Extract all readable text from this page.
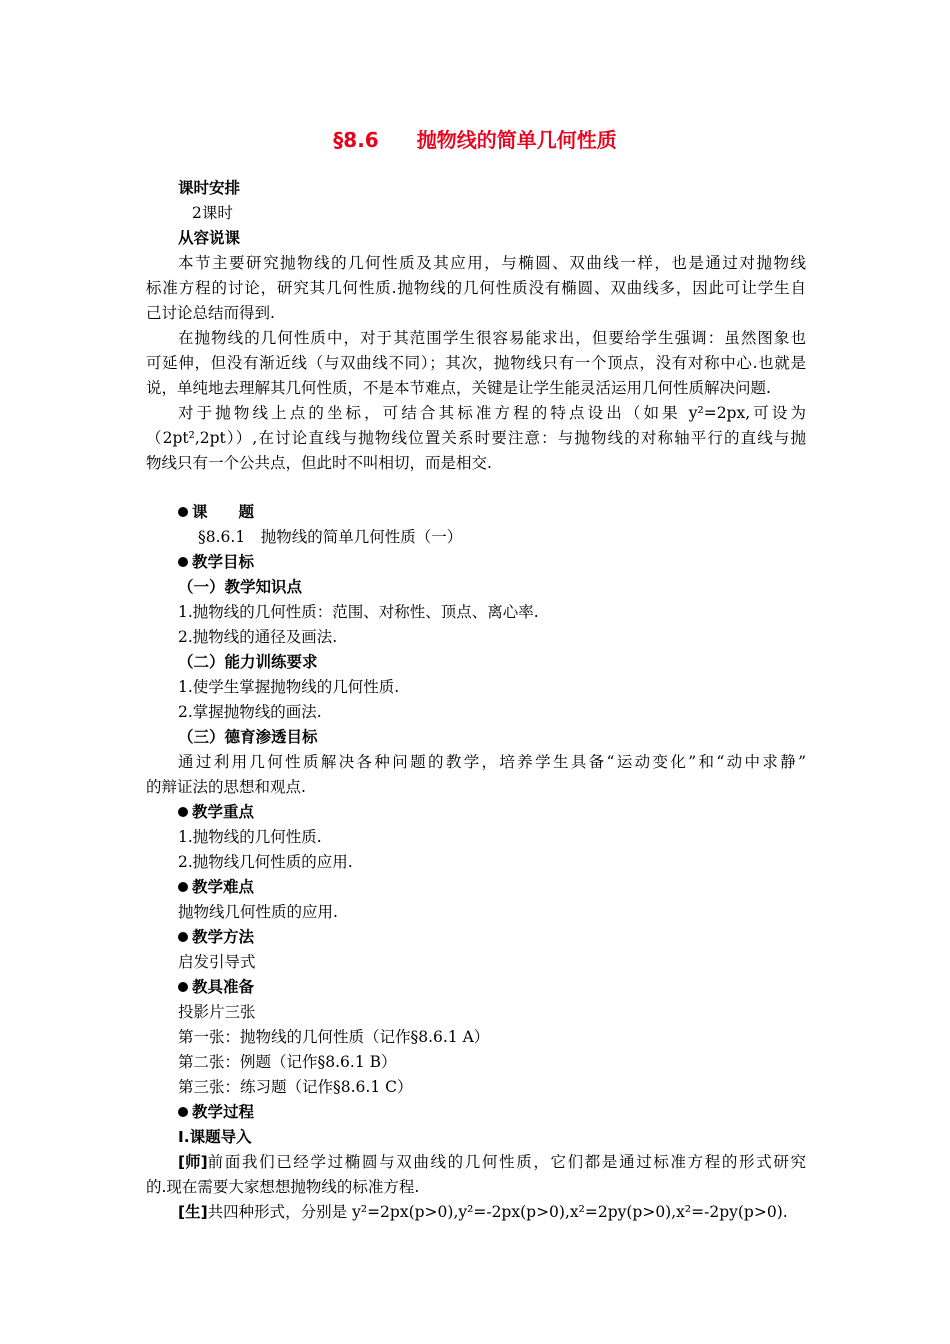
§8.6 抛物线的简单几何性质
课时安排
2课时
从容说课
本节主要研究抛物线的几何性质及其应用，与椭圆、双曲线一样，也是通过对抛物线
标准方程的讨论，研究其几何性质.抛物线的几何性质没有椭圆、双曲线多，因此可让学生自
己讨论总结而得到.
在抛物线的几何性质中，对于其范围学生很容易能求出，但要给学生强调：虽然图象也
可延伸，但没有渐近线（与双曲线不同）；其次，抛物线只有一个顶点，没有对称中心.也就是
说，单纯地去理解其几何性质，不是本节难点，关键是让学生能灵活运用几何性质解决问题.
对于抛物线上点的坐标，可结合其标准方程的特点设出（如果 y²=2px,可设为
（2pt²,2pt））,在讨论直线与抛物线位置关系时要注意：与抛物线的对称轴平行的直线与抛
物线只有一个公共点，但此时不叫相切，而是相交.
课　　题
§8.6.1　抛物线的简单几何性质（一）
教学目标
（一）教学知识点
1.抛物线的几何性质：范围、对称性、顶点、离心率.
2.抛物线的通径及画法.
（二）能力训练要求
1.使学生掌握抛物线的几何性质.
2.掌握抛物线的画法.
（三）德育渗透目标
通过利用几何性质解决各种问题的教学，培养学生具备“运动变化”和“动中求静”
的辩证法的思想和观点.
教学重点
1.抛物线的几何性质.
2.抛物线几何性质的应用.
教学难点
抛物线几何性质的应用.
教学方法
启发引导式
教具准备
投影片三张
第一张：抛物线的几何性质（记作§8.6.1 A）
第二张：例题（记作§8.6.1 B）
第三张：练习题（记作§8.6.1 C）
教学过程
Ⅰ.课题导入
[师] 前面我们已经学过椭圆与双曲线的几何性质，它们都是通过标准方程的形式研究
的.现在需要大家想想抛物线的标准方程.
[生]共四种形式，分别是 y²=2px(p>0),y²=-2px(p>0),x²=2py(p>0),x²=-2py(p>0).
